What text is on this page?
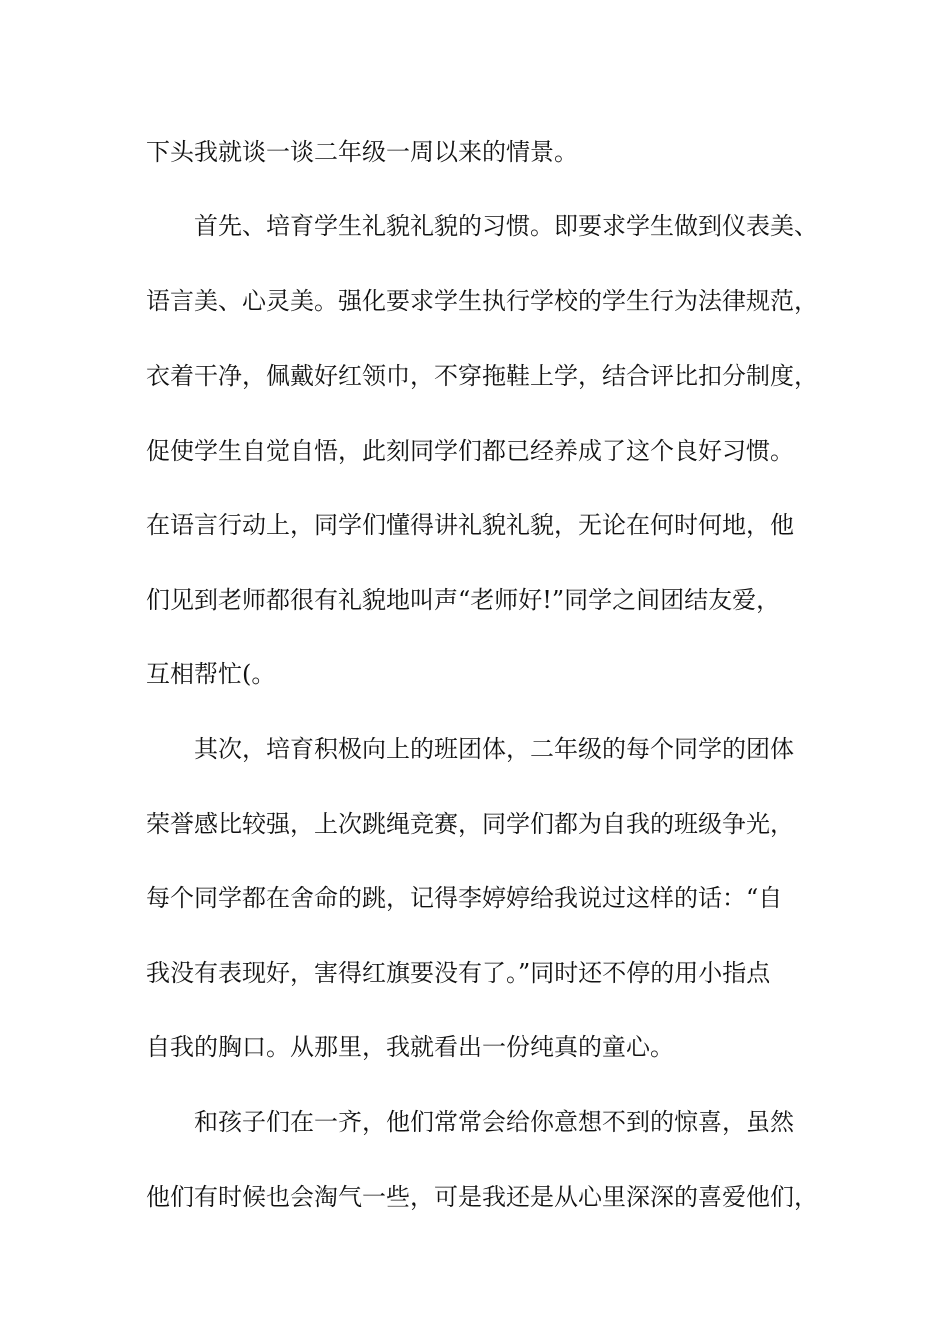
下头我就谈一谈二年级一周以来的情景。
首先、培育学生礼貌礼貌的习惯。即要求学生做到仪表美、
语言美、心灵美。强化要求学生执行学校的学生行为法律规范，
衣着干净，佩戴好红领巾，不穿拖鞋上学，结合评比扣分制度，
促使学生自觉自悟，此刻同学们都已经养成了这个良好习惯。
在语言行动上，同学们懂得讲礼貌礼貌，无论在何时何地，他
们见到老师都很有礼貌地叫声“老师好!”同学之间团结友爱，
互相帮忙(。
其次，培育积极向上的班团体，二年级的每个同学的团体
荣誉感比较强，上次跳绳竞赛，同学们都为自我的班级争光，
每个同学都在舍命的跳，记得李婷婷给我说过这样的话：“自
我没有表现好，害得红旗要没有了。”同时还不停的用小指点
自我的胸口。从那里，我就看出一份纯真的童心。
和孩子们在一齐，他们常常会给你意想不到的惊喜，虽然
他们有时候也会淘气一些，可是我还是从心里深深的喜爱他们，
